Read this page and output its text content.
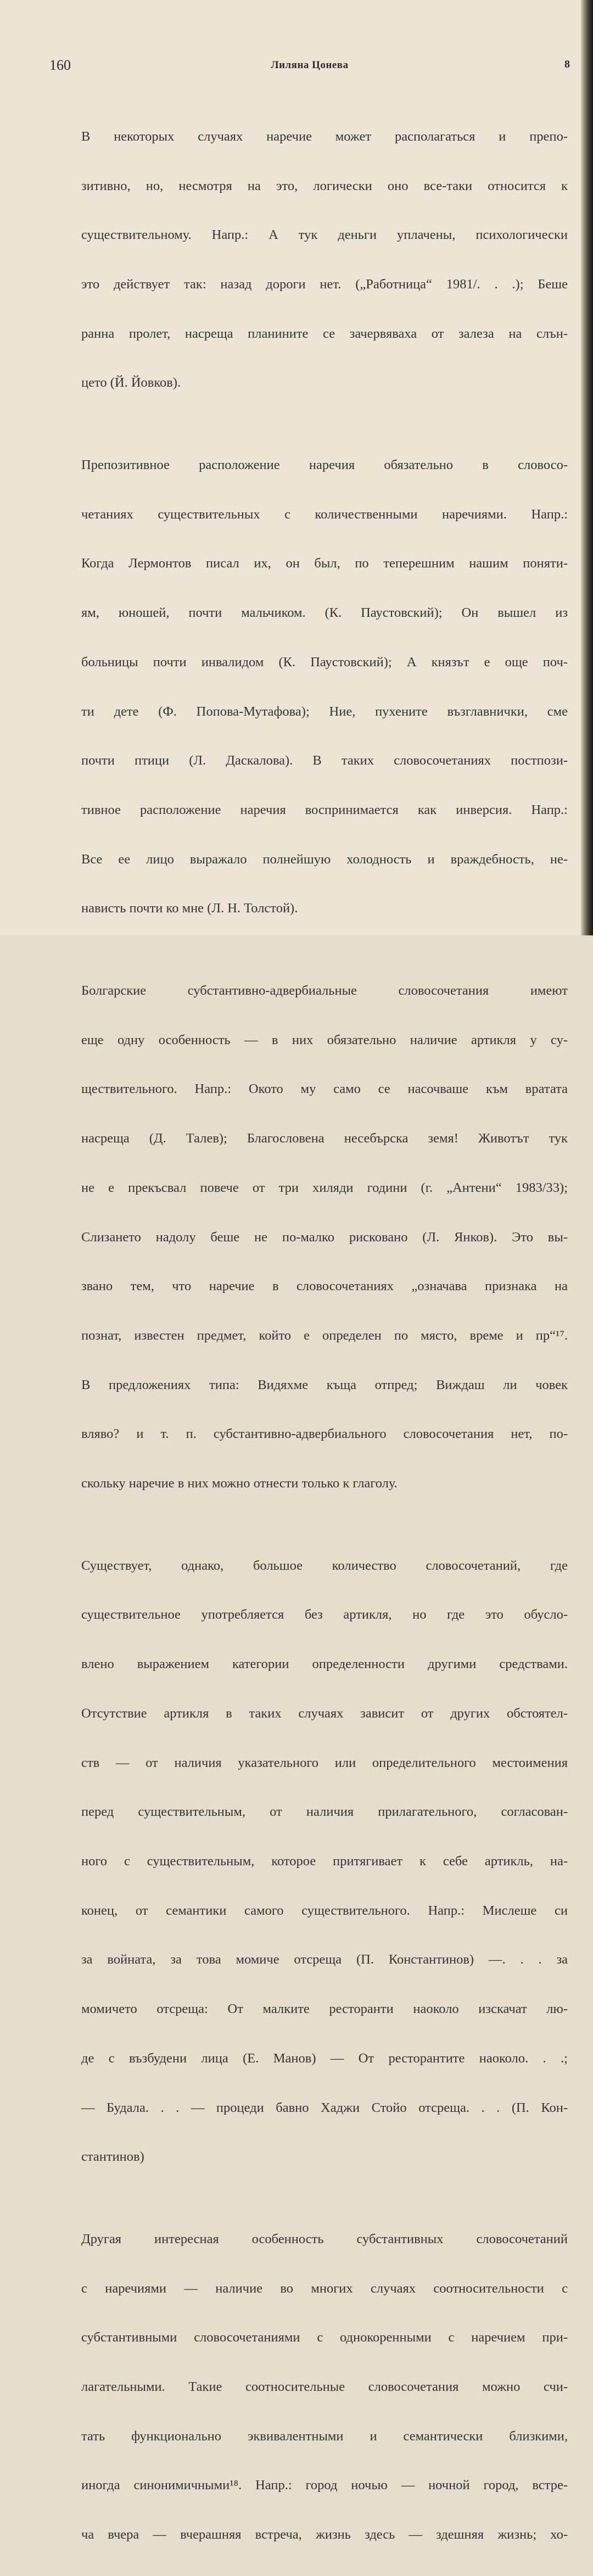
160	Лиляна Цонева	8

В некоторых случаях наречие может располагаться и препо-

зитивно, но, несмотря на это, логически оно все-таки относится к

существительному. Напр.: А тук деньги уплачены, психологически

это действует так: назад дороги нет. („Работница“ 1981/. . .); Беше

ранна пролет, насреща планините се зачервяваха от залеза на слън-

цето (Й. Йовков).

Препозитивное расположение наречия обязательно в словосо-

четаниях существительных с количественными наречиями. Напр.:

Когда Лермонтов писал их, он был, по теперешним нашим поняти-

ям, юношей, почти мальчиком. (К. Паустовский); Он вышел из

больницы почти инвалидом (К. Паустовский); А князът е още поч-

ти дете (Ф. Попова-Мутафова); Ние, пухените възглавнички, сме

почти птици (Л. Даскалова). В таких словосочетаниях постпози-

тивное расположение наречия воспринимается как инверсия. Напр.:

Все ее лицо выражало полнейшую холодность и враждебность, не-

нависть почти ко мне (Л. Н. Толстой).

Болгарские субстантивно-адвербиальные словосочетания имеют

еще одну особенность — в них обязательно наличие артикля у су-

ществительного. Напр.: Окото му само се насочваше към вратата

насреща (Д. Талев); Благословена несебърска земя! Животът тук

не е прекъсвал повече от три хиляди години (г. „Антени“ 1983/33);

Слизането надолу беше не по-малко рисковано (Л. Янков). Это вы-

звано тем, что наречие в словосочетаниях „означава признака на

познат, известен предмет, който е определен по място, време и пр“¹⁷.

В предложениях типа: Видяхме къща отпред; Виждаш ли човек

вляво? и т. п. субстантивно-адвербиального словосочетания нет, по-

скольку наречие в них можно отнести только к глаголу.

Существует, однако, большое количество словосочетаний, где

существительное употребляется без артикля, но где это обусло-

влено выражением категории определенности другими средствами.

Отсутствие артикля в таких случаях зависит от других обстоятел-

ств — от наличия указательного или определительного местоимения

перед существительным, от наличия прилагательного, согласован-

ного с существительным, которое притягивает к себе артикль, на-

конец, от семантики самого существительного. Напр.: Мислеше си

за войната, за това момиче отсреща (П. Константинов) —. . . за

момичето отсреща: От малките ресторанти наоколо изскачат лю-

де с възбудени лица (Е. Манов) — От ресторантите наоколо. . .;

— Будала. . . — процеди бавно Хаджи Стойо отсреща. . . (П. Кон-

стантинов)

Другая интересная особенность субстантивных словосочетаний

с наречиями — наличие во многих случаях соотносительности с

субстантивными словосочетаниями с однокоренными с наречием при-

лагательными. Такие соотносительные словосочетания можно счи-

тать функционально эквивалентными и семантически близкими,

иногда синонимичными¹⁸. Напр.: город ночью — ночной город, встре-

ча вчера — вчерашняя встреча, жизнь здесь — здешняя жизнь; хо-
